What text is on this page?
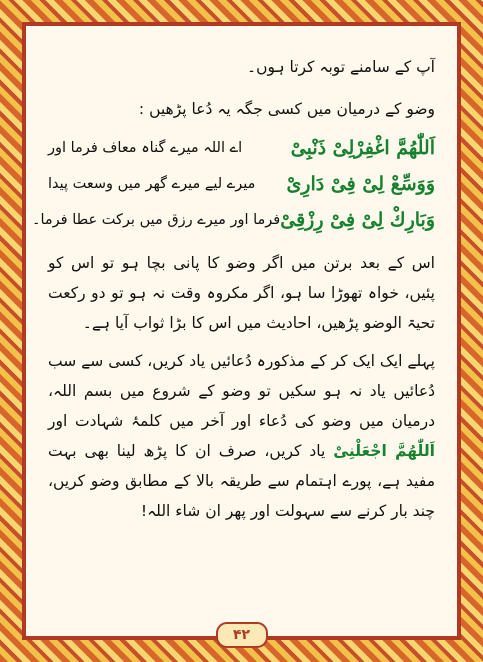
آپ کے سامنے توبہ کرتا ہوں۔

وضو کے درمیان میں کسی جگہ یہ دُعا پڑھیں :

اَللّٰھُمَّ اغْفِرْلِیْ ذَنْبِیْ
اے اللہ میرے گناہ معاف فرما اور
وَوَسِّعْ لِیْ فِیْ دَارِیْ
میرے لیے میرے گھر میں وسعت پیدا
وَبَارِكْ لِیْ فِیْ رِزْقِیْ
فرما اور میرے رزق میں برکت عطا فرما۔

اس کے بعد برتن میں اگر وضو کا پانی بچا ہو تو اس کو پئیں، خواہ تھوڑا سا ہو، اگر مکروہ وقت نہ ہو تو دو رکعت تحیۃ الوضو پڑھیں، احادیث میں اس کا بڑا ثواب آیا ہے۔

پہلے ایک ایک کر کے مذکورہ دُعائیں یاد کریں، کسی سے سب دُعائیں یاد نہ ہو سکیں تو وضو کے شروع میں بسم اللہ، درمیان میں وضو کی دُعاء اور آخر میں کلمۂ شہادت اور اَللّٰھُمَّ اجْعَلْنِیْ یاد کریں، صرف ان کا پڑھ لینا بھی بہت مفید ہے، پورے اہتمام سے طریقہ بالا کے مطابق وضو کریں، چند بار کرنے سے سہولت اور پھر ان شاء اللہ!

۴۲
